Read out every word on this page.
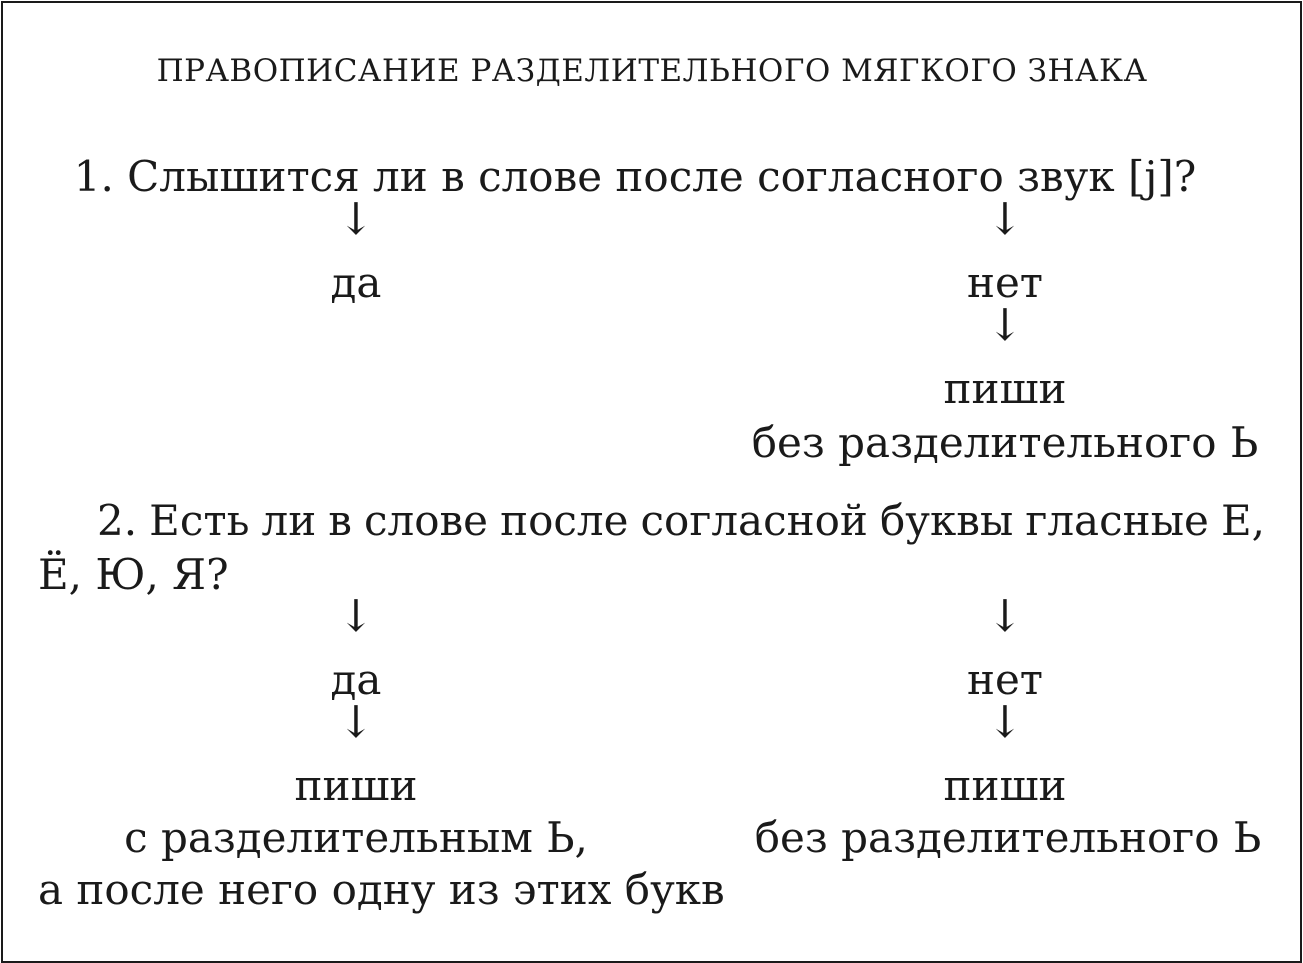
ПРАВОПИСАНИЕ РАЗДЕЛИТЕЛЬНОГО МЯГКОГО ЗНАКА
1. Слышится ли в слове после согласного звук [j]?
↓	↓
да	нет
↓
пиши
без разделительного Ь
2. Есть ли в слове после согласной буквы гласные Е,
Ё, Ю, Я?
↓	↓
да	нет
↓	↓
пиши	пиши
с разделительным Ь,	без разделительного Ь
а после него одну из этих букв
